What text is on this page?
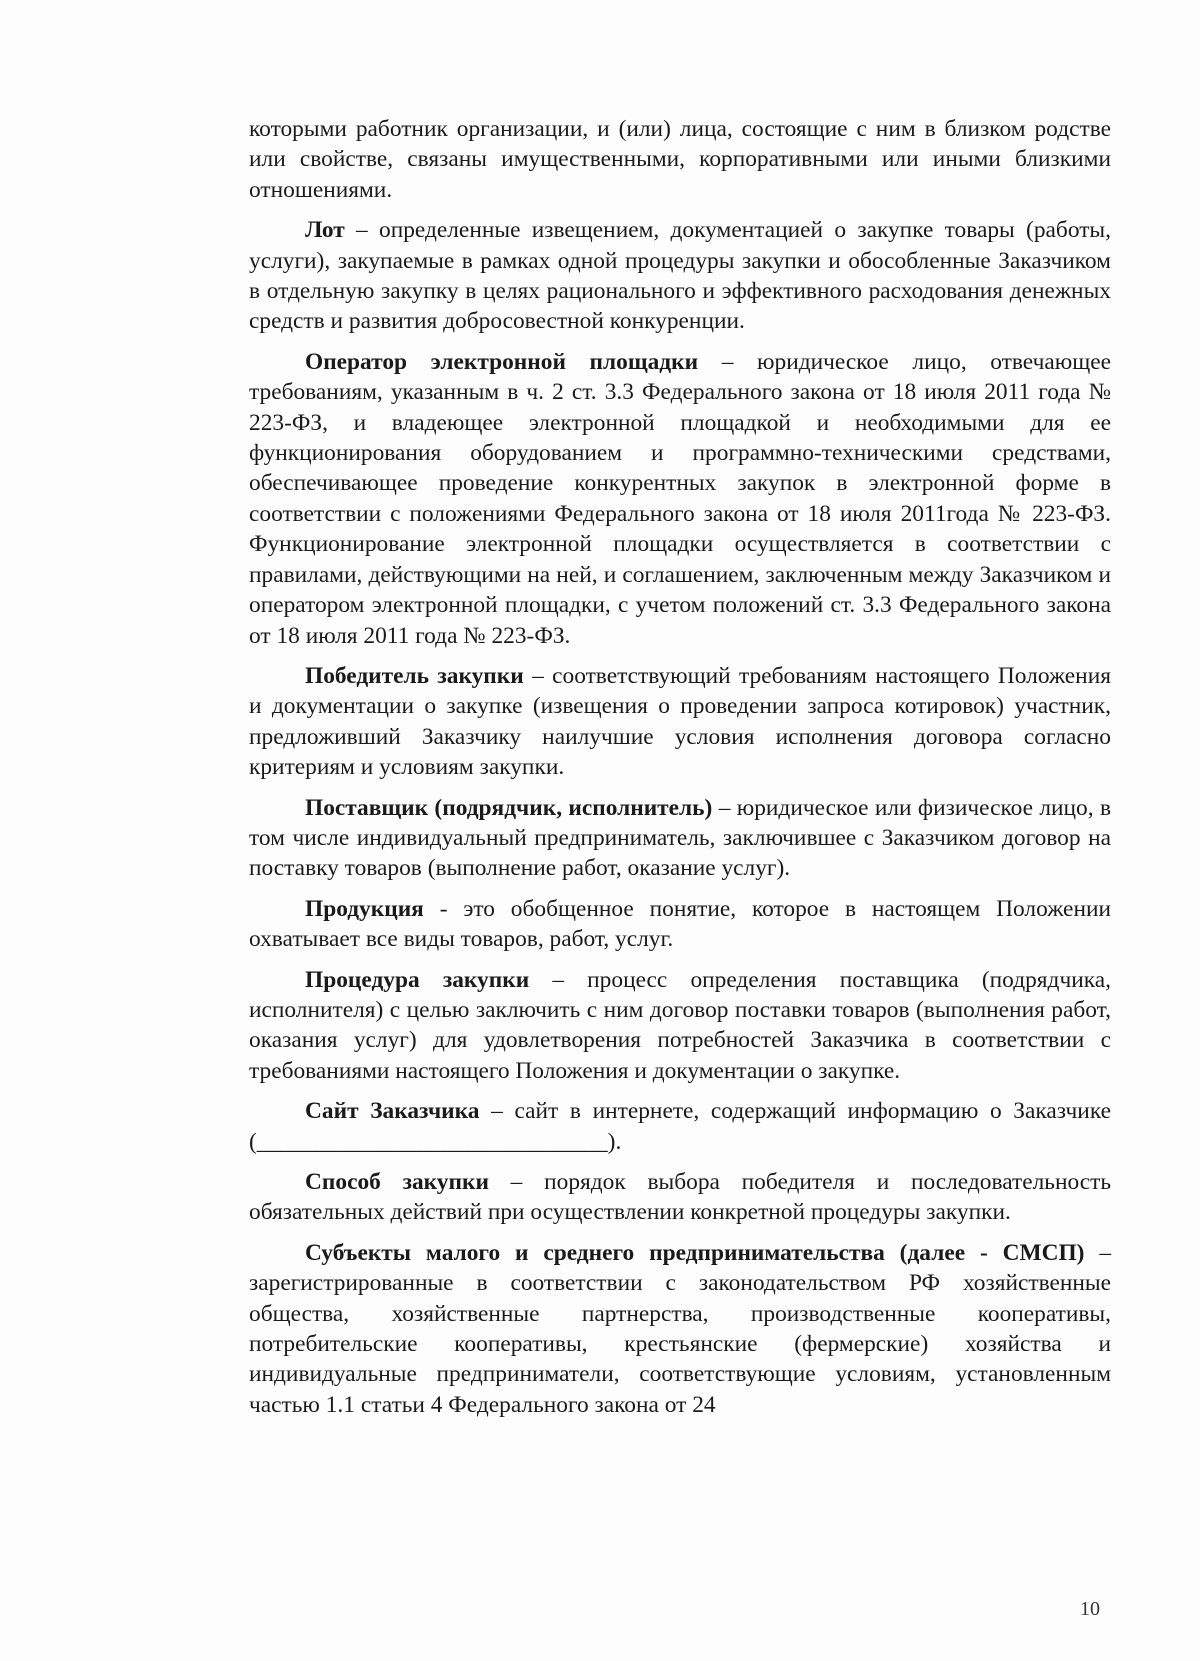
которыми работник организации, и (или) лица, состоящие с ним в близком родстве или свойстве, связаны имущественными, корпоративными или иными близкими отношениями.

Лот – определенные извещением, документацией о закупке товары (работы, услуги), закупаемые в рамках одной процедуры закупки и обособленные Заказчиком в отдельную закупку в целях рационального и эффективного расходования денежных средств и развития добросовестной конкуренции.

Оператор электронной площадки – юридическое лицо, отвечающее требованиям, указанным в ч. 2 ст. 3.3 Федерального закона от 18 июля 2011 года № 223-ФЗ, и владеющее электронной площадкой и необходимыми для ее функционирования оборудованием и программно-техническими средствами, обеспечивающее проведение конкурентных закупок в электронной форме в соответствии с положениями Федерального закона от 18 июля 2011года № 223-ФЗ. Функционирование электронной площадки осуществляется в соответствии с правилами, действующими на ней, и соглашением, заключенным между Заказчиком и оператором электронной площадки, с учетом положений ст. 3.3 Федерального закона от 18 июля 2011 года № 223-ФЗ.

Победитель закупки – соответствующий требованиям настоящего Положения и документации о закупке (извещения о проведении запроса котировок) участник, предложивший Заказчику наилучшие условия исполнения договора согласно критериям и условиям закупки.

Поставщик (подрядчик, исполнитель) – юридическое или физическое лицо, в том числе индивидуальный предприниматель, заключившее с Заказчиком договор на поставку товаров (выполнение работ, оказание услуг).

Продукция - это обобщенное понятие, которое в настоящем Положении охватывает все виды товаров, работ, услуг.

Процедура закупки – процесс определения поставщика (подрядчика, исполнителя) с целью заключить с ним договор поставки товаров (выполнения работ, оказания услуг) для удовлетворения потребностей Заказчика в соответствии с требованиями настоящего Положения и документации о закупке.

Сайт Заказчика – сайт в интернете, содержащий информацию о Заказчике (______________________________).

Способ закупки – порядок выбора победителя и последовательность обязательных действий при осуществлении конкретной процедуры закупки.

Субъекты малого и среднего предпринимательства (далее - СМСП) – зарегистрированные в соответствии с законодательством РФ хозяйственные общества, хозяйственные партнерства, производственные кооперативы, потребительские кооперативы, крестьянские (фермерские) хозяйства и индивидуальные предприниматели, соответствующие условиям, установленным частью 1.1 статьи 4 Федерального закона от 24

10
